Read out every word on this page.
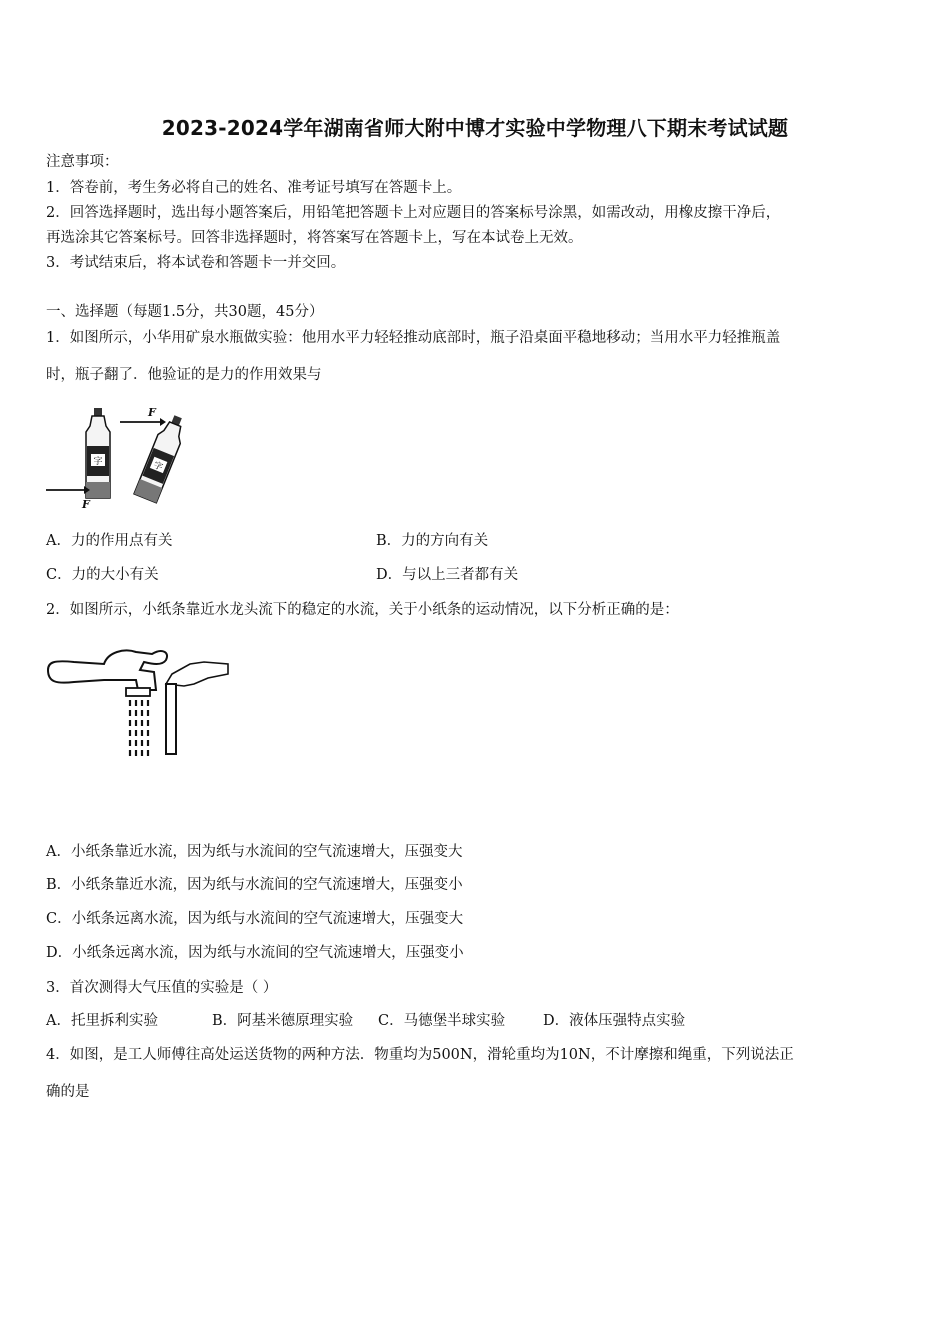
2023-2024学年湖南省师大附中博才实验中学物理八下期末考试试题
注意事项：
1．答卷前，考生务必将自己的姓名、准考证号填写在答题卡上。
2．回答选择题时，选出每小题答案后，用铅笔把答题卡上对应题目的答案标号涂黑，如需改动，用橡皮擦干净后，
再选涂其它答案标号。回答非选择题时，将答案写在答题卡上，写在本试卷上无效。
3．考试结束后，将本试卷和答题卡一并交回。
一、选择题（每题1.5分，共30题，45分）
1．如图所示，小华用矿泉水瓶做实验：他用水平力轻轻推动底部时，瓶子沿桌面平稳地移动；当用水平力轻推瓶盖
时，瓶子翻了．他验证的是力的作用效果与
字
F
字
F
A．力的作用点有关	B．力的方向有关
C．力的大小有关	D．与以上三者都有关
2．如图所示，小纸条靠近水龙头流下的稳定的水流，关于小纸条的运动情况，以下分析正确的是：
A．小纸条靠近水流，因为纸与水流间的空气流速增大，压强变大
B．小纸条靠近水流，因为纸与水流间的空气流速增大，压强变小
C．小纸条远离水流，因为纸与水流间的空气流速增大，压强变大
D．小纸条远离水流，因为纸与水流间的空气流速增大，压强变小
3．首次测得大气压值的实验是（ ）
A．托里拆利实验	B．阿基米德原理实验 C．马德堡半球实验	D．液体压强特点实验
4．如图，是工人师傅往高处运送货物的两种方法．物重均为500N，滑轮重均为10N，不计摩擦和绳重，下列说法正
确的是
